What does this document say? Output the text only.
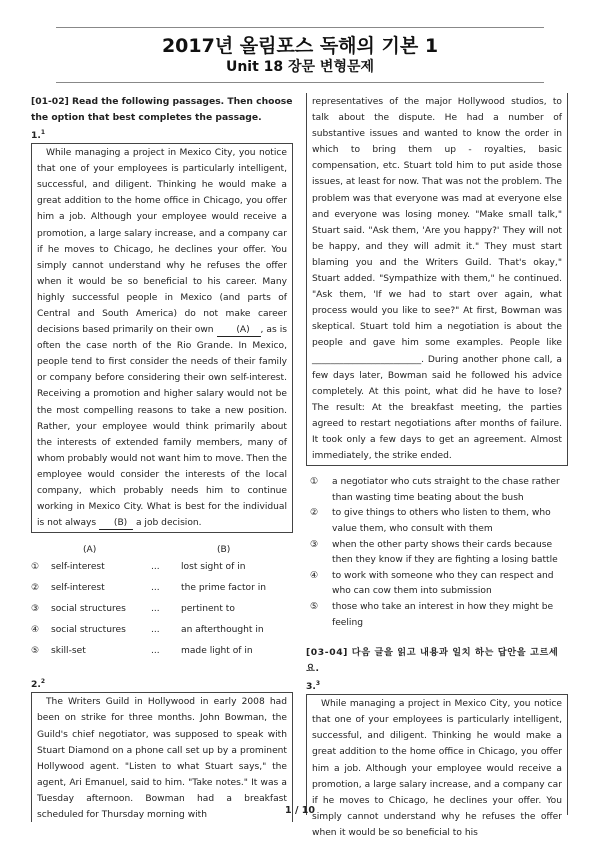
2017년 올림포스 독해의 기본 1
Unit 18 장문 변형문제
[01-02] Read the following passages. Then choose the option that best completes the passage.
1.$^1$

While managing a project in Mexico City, you notice that one of your employees is particularly intelligent, successful, and diligent. Thinking he would make a great addition to the home office in Chicago, you offer him a job. Although your employee would receive a promotion, a large salary increase, and a company car if he moves to Chicago, he declines your offer. You simply cannot understand why he refuses the offer when it would be so beneficial to his career. Many highly successful people in Mexico (and parts of Central and South America) do not make career decisions based primarily on their own (A) , as is often the case north of the Rio Grande. In Mexico, people tend to first consider the needs of their family or company before considering their own self-interest. Receiving a promotion and higher salary would not be the most compelling reasons to take a new position. Rather, your employee would think primarily about the interests of extended family members, many of whom probably would not want him to move. Then the employee would consider the interests of the local company, which probably needs him to continue working in Mexico City. What is best for the individual is not always (B) a job decision.

(A)	(B)
①	self-interest	...	lost sight of in
②	self-interest	...	the prime factor in
③	social structures	...	pertinent to
④	social structures	...	an afterthought in
⑤	skill-set	...	made light of in
2.$^2$

The Writers Guild in Hollywood in early 2008 had been on strike for three months. John Bowman, the Guild's chief negotiator, was supposed to speak with Stuart Diamond on a phone call set up by a prominent Hollywood agent. "Listen to what Stuart says," the agent, Ari Emanuel, said to him. "Take notes." It was a Tuesday afternoon. Bowman had a breakfast scheduled for Thursday morning with

representatives of the major Hollywood studios, to talk about the dispute. He had a number of substantive issues and wanted to know the order in which to bring them up - royalties, basic compensation, etc. Stuart told him to put aside those issues, at least for now. That was not the problem. The problem was that everyone was mad at everyone else and everyone was losing money. "Make small talk," Stuart said. "Ask them, 'Are you happy?' They will not be happy, and they will admit it." They must start blaming you and the Writers Guild. That's okay," Stuart added. "Sympathize with them," he continued. "Ask them, 'If we had to start over again, what process would you like to see?" At first, Bowman was skeptical. Stuart told him a negotiation is about the people and gave him some examples. People like ________________________. During another phone call, a few days later, Bowman said he followed his advice completely. At this point, what did he have to lose? The result: At the breakfast meeting, the parties agreed to restart negotiations after months of failure. It took only a few days to get an agreement. Almost immediately, the strike ended.

①	a negotiator who cuts straight to the chase rather than wasting time beating about the bush
②	to give things to others who listen to them, who value them, who consult with them
③	when the other party shows their cards because then they know if they are fighting a losing battle
④	to work with someone who they can respect and who can cow them into submission
⑤	those who take an interest in how they might be feeling
[03-04] 다음 글을 읽고 내용과 일치 하는 답안을 고르세요.
3.$^3$

While managing a project in Mexico City, you notice that one of your employees is particularly intelligent, successful, and diligent. Thinking he would make a great addition to the home office in Chicago, you offer him a job. Although your employee would receive a promotion, a large salary increase, and a company car if he moves to Chicago, he declines your offer. You simply cannot understand why he refuses the offer when it would be so beneficial to his

1 / 10
